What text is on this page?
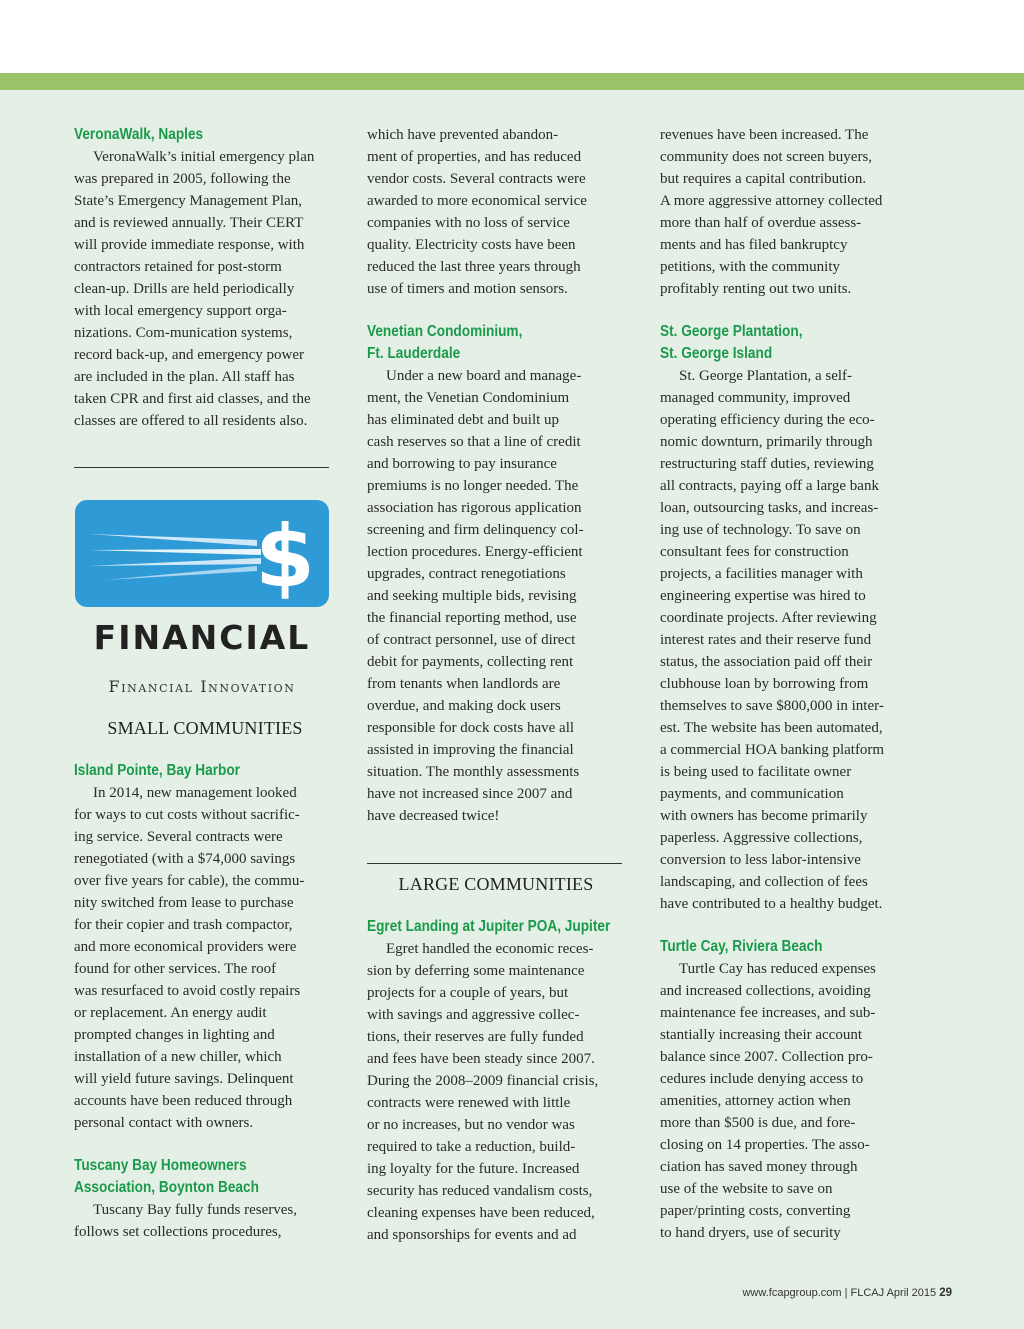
VeronaWalk, Naples
VeronaWalk’s initial emergency plan
was prepared in 2005, following the
State’s Emergency Management Plan,
and is reviewed annually. Their CERT
will provide immediate response, with
contractors retained for post-storm
clean-up. Drills are held periodically
with local emergency support orga-
nizations. Com-munication systems,
record back-up, and emergency power
are included in the plan. All staff has
taken CPR and first aid classes, and the
classes are offered to all residents also.
$
FINANCIAL
Financial Innovation
SMALL COMMUNITIES
Island Pointe, Bay Harbor
In 2014, new management looked
for ways to cut costs without sacrific-
ing service. Several contracts were
renegotiated (with a $74,000 savings
over five years for cable), the commu-
nity switched from lease to purchase
for their copier and trash compactor,
and more economical providers were
found for other services. The roof
was resurfaced to avoid costly repairs
or replacement. An energy audit
prompted changes in lighting and
installation of a new chiller, which
will yield future savings. Delinquent
accounts have been reduced through
personal contact with owners.
Tuscany Bay Homeowners
Association, Boynton Beach
Tuscany Bay fully funds reserves,
follows set collections procedures,
which have prevented abandon-
ment of properties, and has reduced
vendor costs. Several contracts were
awarded to more economical service
companies with no loss of service
quality. Electricity costs have been
reduced the last three years through
use of timers and motion sensors.
Venetian Condominium,
Ft. Lauderdale
Under a new board and manage-
ment, the Venetian Condominium
has eliminated debt and built up
cash reserves so that a line of credit
and borrowing to pay insurance
premiums is no longer needed. The
association has rigorous application
screening and firm delinquency col-
lection procedures. Energy-efficient
upgrades, contract renegotiations
and seeking multiple bids, revising
the financial reporting method, use
of contract personnel, use of direct
debit for payments, collecting rent
from tenants when landlords are
overdue, and making dock users
responsible for dock costs have all
assisted in improving the financial
situation. The monthly assessments
have not increased since 2007 and
have decreased twice!
LARGE COMMUNITIES
Egret Landing at Jupiter POA, Jupiter
Egret handled the economic reces-
sion by deferring some maintenance
projects for a couple of years, but
with savings and aggressive collec-
tions, their reserves are fully funded
and fees have been steady since 2007.
During the 2008–2009 financial crisis,
contracts were renewed with little
or no increases, but no vendor was
required to take a reduction, build-
ing loyalty for the future. Increased
security has reduced vandalism costs,
cleaning expenses have been reduced,
and sponsorships for events and ad
revenues have been increased. The
community does not screen buyers,
but requires a capital contribution.
A more aggressive attorney collected
more than half of overdue assess-
ments and has filed bankruptcy
petitions, with the community
profitably renting out two units.
St. George Plantation,
St. George Island
St. George Plantation, a self-
managed community, improved
operating efficiency during the eco-
nomic downturn, primarily through
restructuring staff duties, reviewing
all contracts, paying off a large bank
loan, outsourcing tasks, and increas-
ing use of technology. To save on
consultant fees for construction
projects, a facilities manager with
engineering expertise was hired to
coordinate projects. After reviewing
interest rates and their reserve fund
status, the association paid off their
clubhouse loan by borrowing from
themselves to save $800,000 in inter-
est. The website has been automated,
a commercial HOA banking platform
is being used to facilitate owner
payments, and communication
with owners has become primarily
paperless. Aggressive collections,
conversion to less labor-intensive
landscaping, and collection of fees
have contributed to a healthy budget.
Turtle Cay, Riviera Beach
Turtle Cay has reduced expenses
and increased collections, avoiding
maintenance fee increases, and sub-
stantially increasing their account
balance since 2007. Collection pro-
cedures include denying access to
amenities, attorney action when
more than $500 is due, and fore-
closing on 14 properties. The asso-
ciation has saved money through
use of the website to save on
paper/printing costs, converting
to hand dryers, use of security
www.fcapgroup.com | FLCAJ April 2015 29
